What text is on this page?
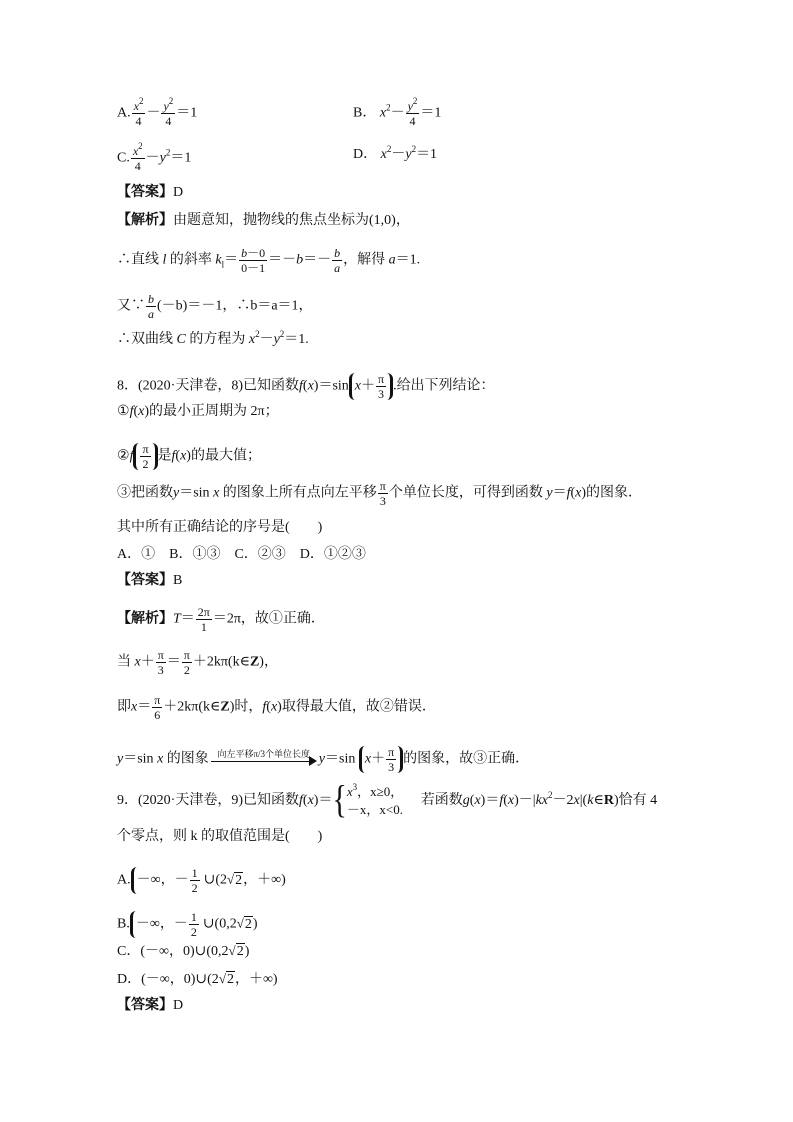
A. $\frac{x^2}{4} - \frac{y^2}{4} =1$	B． $x^2- \frac{y^2}{4} =1$
C. $\frac{x^2}{4} -y^2=1$	D． $x^2-y^2=1$
【答案】D
【解析】由题意知，抛物线的焦点坐标为(1,0)，
∴直线 l 的斜率 $k_l= \frac{b-0}{0-1} =-b=- \frac{b}{a}$ ，解得 a＝1.
又∵ $\frac{b}{a} (-b)=-1$，∴b＝a＝1，
∴双曲线 C 的方程为 $x^2-y^2=1$.
8．(2020·天津卷，8)已知函数f(x)＝sin $x+ \frac{\pi}{3}$ .给出下列结论：
①f(x)的最小正周期为 2π；
②f $\frac{\pi}{2}$ 是f(x)的最大值；
③把函数y＝sin x 的图象上所有点向左平移 $\frac{\pi}{3}$ 个单位长度，可得到函数 y＝f(x)的图象．
其中所有正确结论的序号是(　　)
A．①　B．①③　C．②③　D．①②③
【答案】B
【解析】$T= \frac{2\pi}{1} =2\pi$，故①正确．
当 $x+ \frac{\pi}{3} = \frac{\pi}{2}$ ＋2kπ(k∈Z)，
即$x= \frac{\pi}{6}$ ＋2kπ(k∈Z)时，f(x)取得最大值，故②错误．
y＝sin x 的图象 向左平移π/3个单位长度 y＝sin $x+ \frac{\pi}{3}$ 的图象，故③正确．
9．(2020·天津卷，9)已知函数f(x)＝{ $x^3$，x≥0，
－x，x<0.
　 若函数$g(x)=f(x)-|kx^2-2x|(k\in R)$恰有 4
个零点，则 k 的取值范围是(　　)
A. －∞，－ $\frac{1}{2}$ ∪(2√2，＋∞)
B. －∞，－ $\frac{1}{2}$ ∪(0,2√2)
C．(－∞，0)∪(0,2√2)
D．(－∞，0)∪(2√2，＋∞)
【答案】D
